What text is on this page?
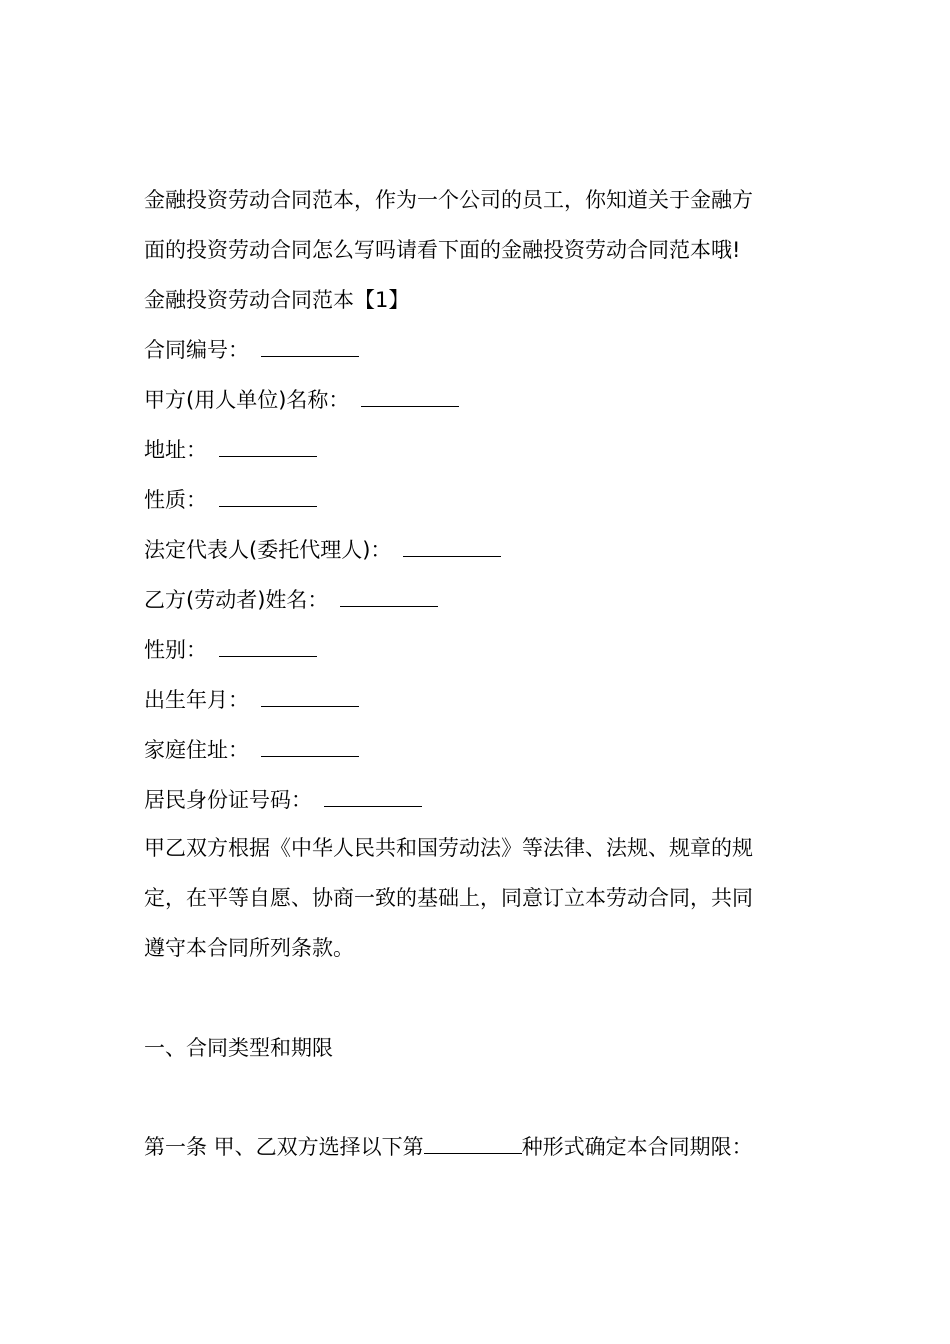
金融投资劳动合同范本，作为一个公司的员工，你知道关于金融方
面的投资劳动合同怎么写吗请看下面的金融投资劳动合同范本哦!
金融投资劳动合同范本【1】
合同编号：
甲方(用人单位)名称：
地址：
性质：
法定代表人(委托代理人)：
乙方(劳动者)姓名：
性别：
出生年月：
家庭住址：
居民身份证号码：
甲乙双方根据《中华人民共和国劳动法》等法律、法规、规章的规
定，在平等自愿、协商一致的基础上，同意订立本劳动合同，共同
遵守本合同所列条款。
一、合同类型和期限
第一条 甲、乙双方选择以下第	种形式确定本合同期限：
